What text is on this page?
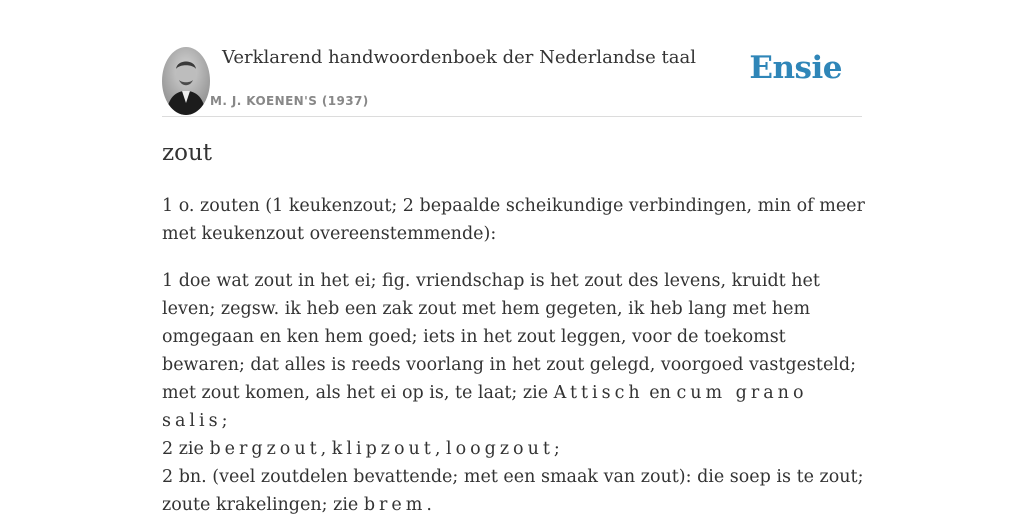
Verklarend handwoordenboek der Nederlandse taal
M. J. KOENEN'S (1937)
Ensie
zout

1 o. zouten (1 keukenzout; 2 bepaalde scheikundige verbindingen, min of meer met keukenzout overeenstemmende):

1 doe wat zout in het ei; fig. vriendschap is het zout des levens, kruidt het leven; zegsw. ik heb een zak zout met hem gegeten, ik heb lang met hem omgegaan en ken hem goed; iets in het zout leggen, voor de toekomst bewaren; dat alles is reeds voorlang in het zout gelegd, voorgoed vastgesteld; met zout komen, als het ei op is, te laat; zie Attisch en cum grano salis;
2 zie bergzout, klipzout, loogzout;
2 bn. (veel zoutdelen bevattende; met een smaak van zout): die soep is te zout; zoute krakelingen; zie brem.
